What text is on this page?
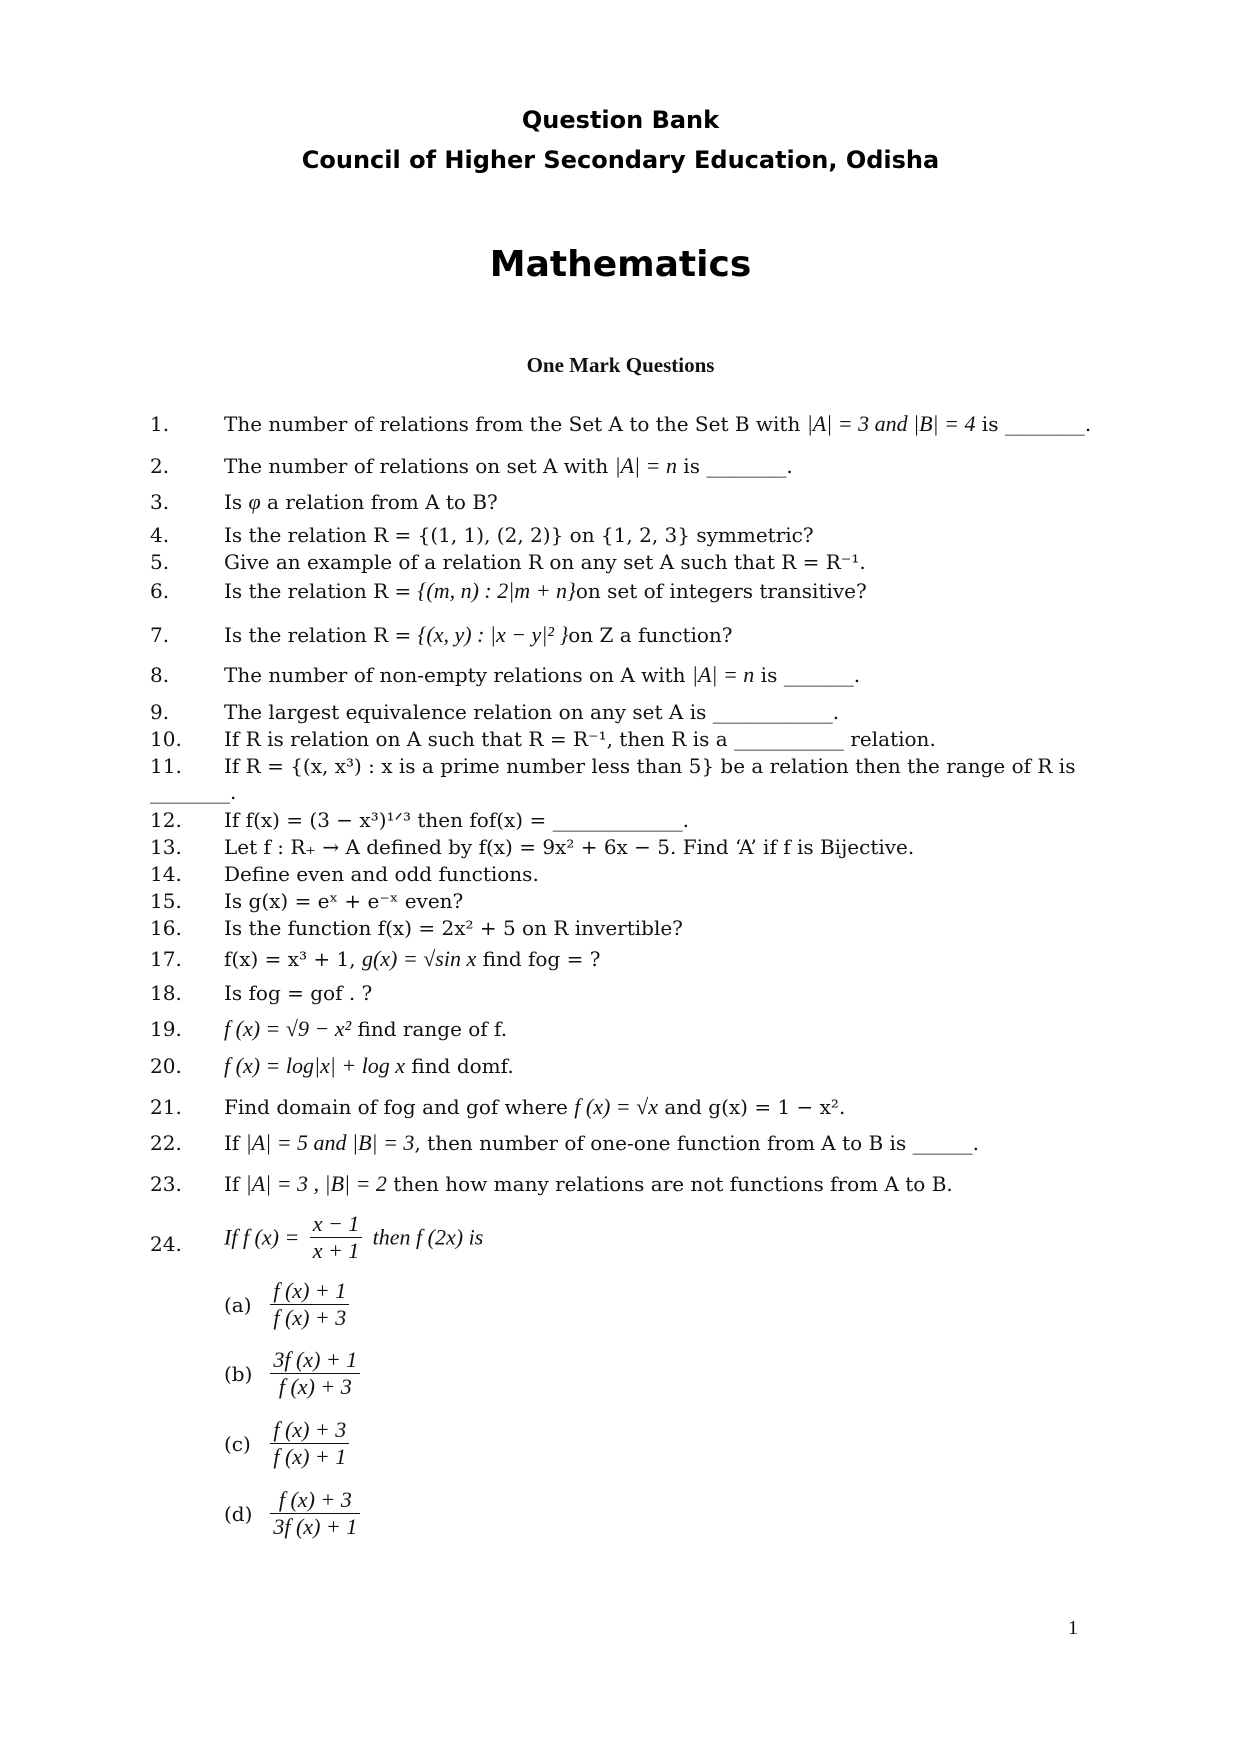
Question Bank
Council of Higher Secondary Education, Odisha
Mathematics
One Mark Questions
1.	The number of relations from the Set A to the Set B with |A| = 3 and |B| = 4 is ________.
2.	The number of relations on set A with |A| = n is ________.
3.	Is φ a relation from A to B?
4.	Is the relation R = {(1, 1), (2, 2)} on {1, 2, 3} symmetric?
5.	Give an example of a relation R on any set A such that R = R⁻¹.
6.	Is the relation R = {(m, n) : 2|m + n}on set of integers transitive?
7.	Is the relation R = {(x, y) : |x − y|² }on Z a function?
8.	The number of non-empty relations on A with |A| = n is _______.
9.	The largest equivalence relation on any set A is ____________.
10.	If R is relation on A such that R = R⁻¹, then R is a ___________ relation.
11.	If R = {(x, x³) : x is a prime number less than 5} be a relation then the range of R is
________.
12.	If f(x) = (3 − x³)¹ᐟ³ then fof(x) = _____________.
13.	Let f : R₊ → A defined by f(x) = 9x² + 6x − 5. Find ‘A’ if f is Bijective.
14.	Define even and odd functions.
15.	Is g(x) = eˣ + e⁻ˣ even?
16.	Is the function f(x) = 2x² + 5 on R invertible?
17.	f(x) = x³ + 1, g(x) = √sin x find fog = ?
18.	Is fog = gof . ?
19.	f (x) = √9 − x² find range of f.
20.	f (x) = log|x| + log x find domf.
21.	Find domain of fog and gof where f (x) = √x and g(x) = 1 − x².
22.	If |A| = 5 and |B| = 3, then number of one-one function from A to B is ______.
23.	If |A| = 3 , |B| = 2 then how many relations are not functions from A to B.
24.	If f $(x) = \frac{x - 1}{x + 1}$ then f (2x) is
$(a) \frac{f (x) + 1}{f (x) + 3}$
$(b) \frac{3f (x) + 1}{f (x) + 3}$
$(c) \frac{f (x) + 3}{f (x) + 1}$
$(d) \frac{f (x) + 3}{3f (x) + 1}$
1
